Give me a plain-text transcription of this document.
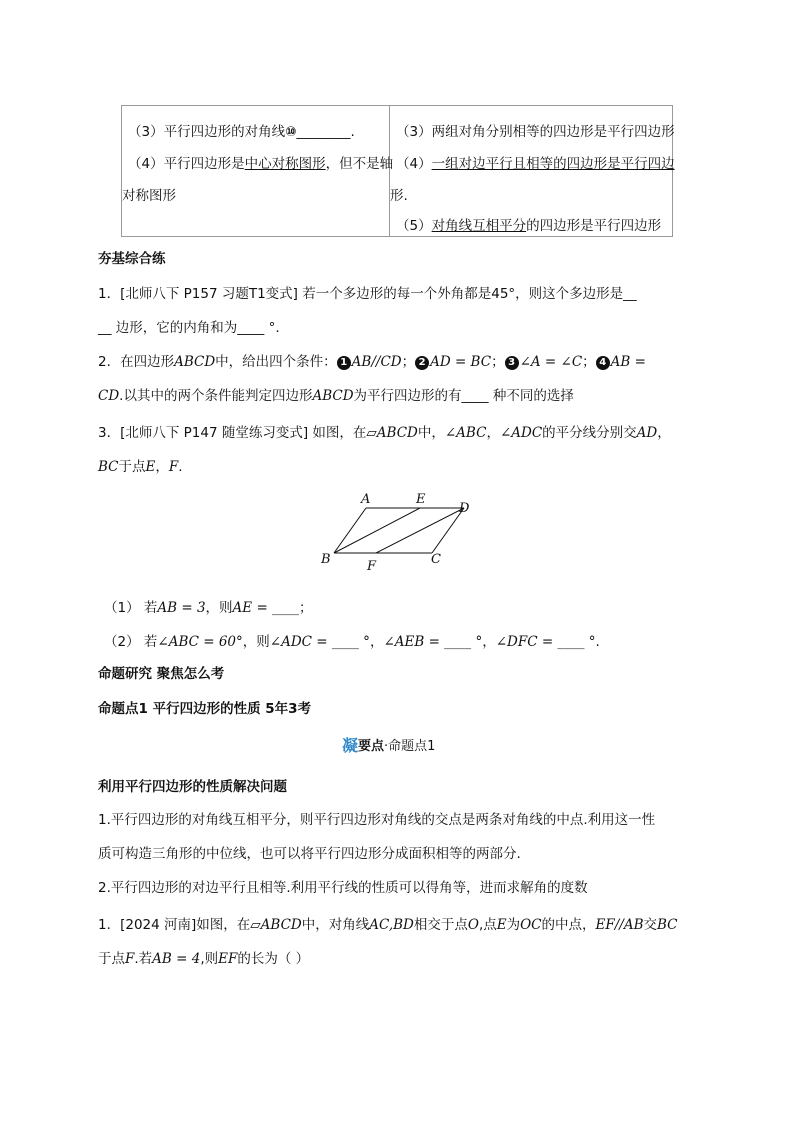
（3）平行四边形的对角线⑩________.
（4）平行四边形是中心对称图形，但不是轴
对称图形
（3）两组对角分别相等的四边形是平行四边形
（4）一组对边平行且相等的四边形是平行四边
形.
（5）对角线互相平分的四边形是平行四边形
夯基综合练
1．[北师八下 P157 习题T1变式] 若一个多边形的每一个外角都是45°，则这个多边形是__
__ 边形，它的内角和为____ °.
2．在四边形ABCD中，给出四个条件： 1 AB//CD； 2 AD = BC； 3 ∠A = ∠C； 4 AB =
CD.以其中的两个条件能判定四边形ABCD为平行四边形的有____ 种不同的选择
3．[北师八下 P147 随堂练习变式] 如图，在▱ABCD中，∠ABC，∠ADC的平分线分别交AD，
BC于点E，F.
A	E
D
B	F	C
（1） 若AB = 3，则AE = ____；
（2） 若∠ABC = 60°，则∠ADC = ____ °，∠AEB = ____ °，∠DFC = ____ °.
命题研究 聚焦怎么考
命题点1 平行四边形的性质 5年3考
凝要点·命题点1
利用平行四边形的性质解决问题
1.平行四边形的对角线互相平分，则平行四边形对角线的交点是两条对角线的中点.利用这一性
质可构造三角形的中位线，也可以将平行四边形分成面积相等的两部分.
2.平行四边形的对边平行且相等.利用平行线的性质可以得角等，进而求解角的度数
1．[2024 河南]如图，在▱ABCD中，对角线AC,BD相交于点O,点E为OC的中点，EF//AB交BC
于点F.若AB = 4,则EF的长为（ ）
